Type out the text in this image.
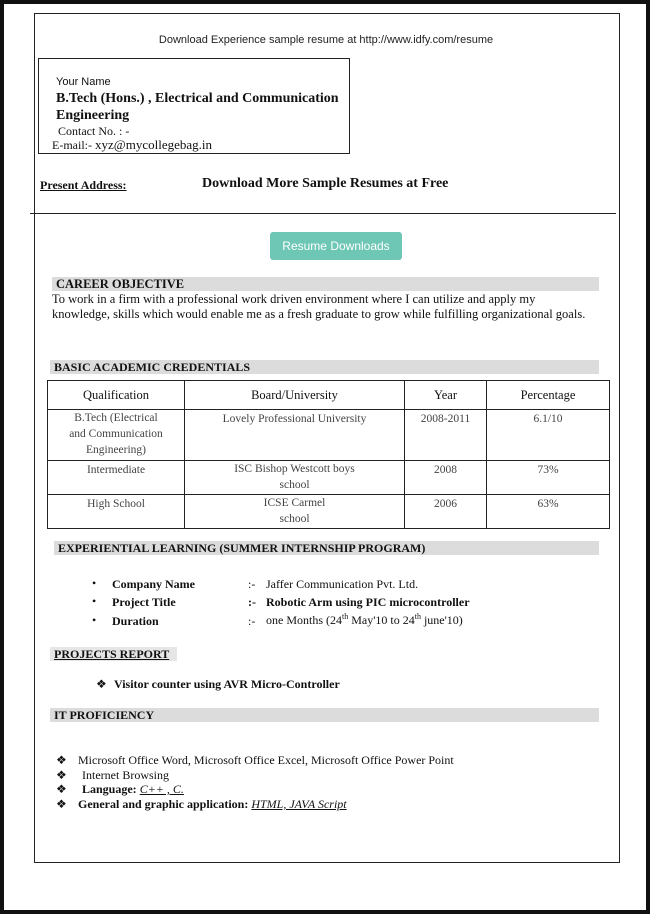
Download Experience sample resume at http://www.idfy.com/resume
Your Name
B.Tech (Hons.) , Electrical and Communication Engineering
Contact No. : -
E-mail:- xyz@mycollegebag.in
Present Address:	Download More Sample Resumes at Free
Resume Downloads
CAREER OBJECTIVE
To work in a firm with a professional work driven environment where I can utilize and apply my knowledge, skills which would enable me as a fresh graduate to grow while fulfilling organizational goals.
BASIC ACADEMIC CREDENTIALS
Qualification	Board/University	Year	Percentage
B.Tech (Electrical and Communication Engineering)	Lovely Professional University	2008-2011	6.1/10
Intermediate	ISC Bishop Westcott boys school	2008	73%
High School	ICSE Carmel school	2006	63%
EXPERIENTIAL LEARNING (SUMMER INTERNSHIP PROGRAM)
• Company Name	:- Jaffer Communication Pvt. Ltd.
• Project Title	:- Robotic Arm using PIC microcontroller
• Duration	:- one Months (24th May'10 to 24th june'10)
PROJECTS REPORT
❖ Visitor counter using AVR Micro-Controller
IT PROFICIENCY
❖ Microsoft Office Word, Microsoft Office Excel, Microsoft Office Power Point
❖ Internet Browsing
❖ Language: C++ , C.
❖ General and graphic application: HTML, JAVA Script
